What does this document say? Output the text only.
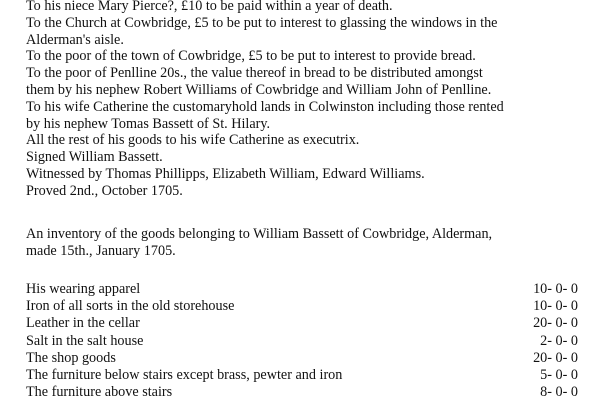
To his niece Mary Pierce?, £10 to be paid within a year of death.
To the Church at Cowbridge, £5 to be put to interest to glassing the windows in the
Alderman's aisle.
To the poor of the town of Cowbridge, £5 to be put to interest to provide bread.
To the poor of Penlline 20s., the value thereof in bread to be distributed amongst
them by his nephew Robert Williams of Cowbridge and William John of Penlline.
To his wife Catherine the customaryhold lands in Colwinston including those rented
by his nephew Tomas Bassett of St. Hilary.
All the rest of his goods to his wife Catherine as executrix.
Signed William Bassett.
Witnessed by Thomas Phillipps, Elizabeth William, Edward Williams.
Proved 2nd., October 1705.
An inventory of the goods belonging to William Bassett of Cowbridge, Alderman,
made 15th., January 1705.
His wearing apparel	10- 0- 0
Iron of all sorts in the old storehouse	10- 0- 0
Leather in the cellar	20- 0- 0
Salt in the salt house	2- 0- 0
The shop goods	20- 0- 0
The furniture below stairs except brass, pewter and iron	5- 0- 0
The furniture above stairs	8- 0- 0
